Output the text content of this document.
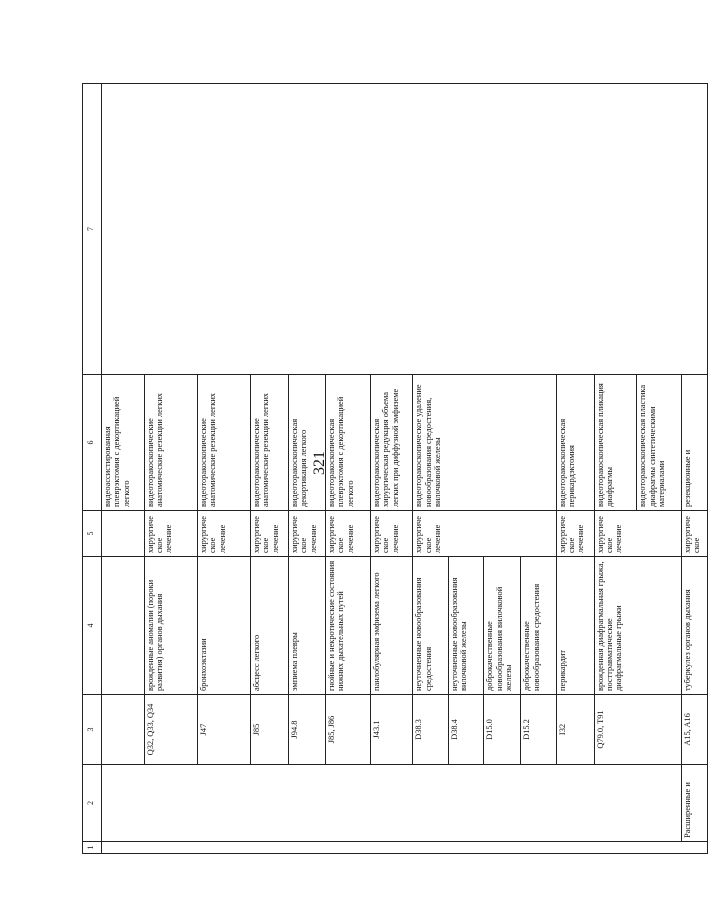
321
1	2	3	4	5	6	7
					видеоассистированная плеврэктомия с декортикацией легкого	
		Q32, Q33, Q34	врожденные аномалии (пороки развития) органов дыхания	хирургическое лечение	видеоторакоскопические анатомические резекции легких	
		J47	бронхоэктазии	хирургическое лечение	видеоторакоскопические анатомические резекции легких	
		J85	абсцесс легкого	хирургическое лечение	видеоторакоскопические анатомические резекции легких	
		J94.8	эмпиема плевры	хирургическое лечение	видеоторакоскопическая декортикация легкого	
		J85, J86	гнойные и некротические состояния нижних дыхательных путей	хирургическое лечение	видеоторакоскопическая плеврэктомия с декортикацией легкого	
		J43.1	панлобулярная эмфизема легкого	хирургическое лечение	видеоторакоскопическая хирургическая редукция объема легких при диффузной эмфиземе	
		D38.3	неуточненные новообразования средостения	хирургическое лечение	видеоторакоскопическое удаление новообразования средостения, вилочковой железы	
		D38.4	неуточненные новообразования вилочковой железы			
		D15.0	доброкачественные новообразования вилочковой железы			
		D15.2	доброкачественные новообразования средостения			
		I32	перикардит	хирургическое лечение	видеоторакоскопическая перикардэктомия	
		Q79.0, T91	врожденная диафрагмальная грыжа, посттравматические диафрагмальные грыжи	хирургическое лечение	видеоторакоскопическая пликация диафрагмы	
					видеоторакоскопическая пластика диафрагмы синтетическими материалами	
	Расширенные и	A15, A16	туберкулез органов дыхания	хирургическое	резекционные и	
